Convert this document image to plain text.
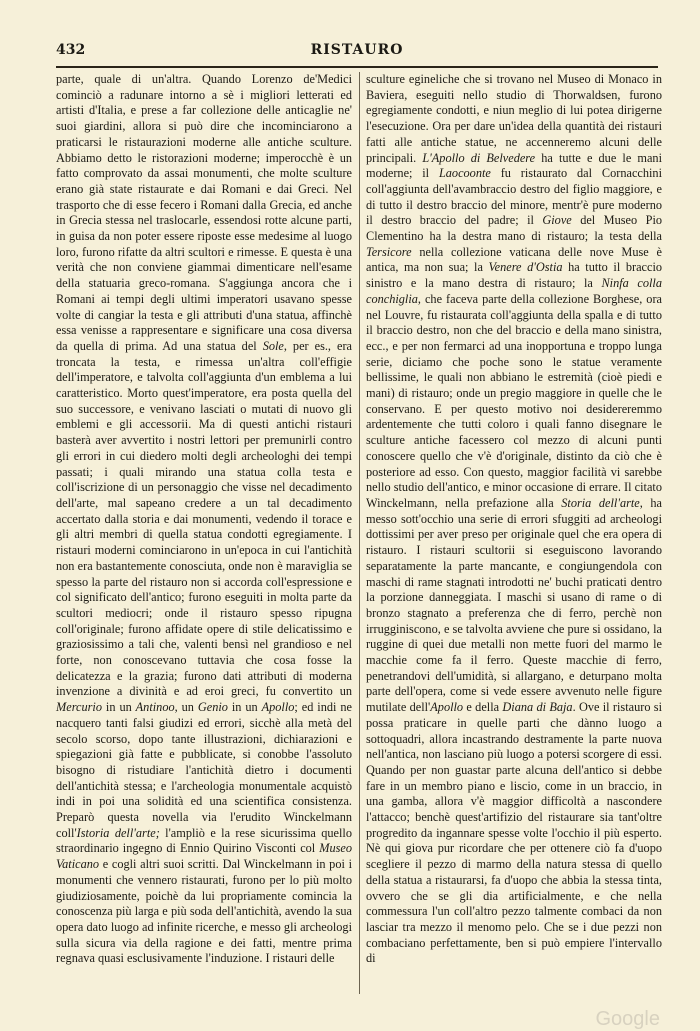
432	RISTAURO
parte, quale di un'altra. Quando Lorenzo de'Medici cominciò a radunare intorno a sè i migliori letterati ed artisti d'Italia, e prese a far collezione delle anticaglie ne' suoi giardini, allora si può dire che incominciarono a praticarsi le ristaurazioni moderne alle antiche sculture. Abbiamo detto le ristorazioni moderne; imperocchè è un fatto comprovato da assai monumenti, che molte sculture erano già state ristaurate e dai Romani e dai Greci. Nel trasporto che di esse fecero i Romani dalla Grecia, ed anche in Grecia stessa nel traslocarle, essendosi rotte alcune parti, in guisa da non poter essere riposte esse medesime al luogo loro, furono rifatte da altri scultori e rimesse. E questa è una verità che non conviene giammai dimenticare nell'esame della statuaria greco-romana. S'aggiunga ancora che i Romani ai tempi degli ultimi imperatori usavano spesse volte di cangiar la testa e gli attributi d'una statua, affinchè essa venisse a rappresentare e significare una cosa diversa da quella di prima. Ad una statua del Sole, per es., era troncata la testa, e rimessa un'altra coll'effigie dell'imperatore, e talvolta coll'aggiunta d'un emblema a lui caratteristico. Morto quest'imperatore, era posta quella del suo successore, e venivano lasciati o mutati di nuovo gli emblemi e gli accessorii. Ma di questi antichi ristauri basterà aver avvertito i nostri lettori per premunirli contro gli errori in cui diedero molti degli archeologhi dei tempi passati; i quali mirando una statua colla testa e coll'iscrizione di un personaggio che visse nel decadimento dell'arte, mal sapeano credere a un tal decadimento accertato dalla storia e dai monumenti, vedendo il torace e gli altri membri di quella statua condotti egregiamente. I ristauri moderni cominciarono in un'epoca in cui l'antichità non era bastantemente conosciuta, onde non è maraviglia se spesso la parte del ristauro non si accorda coll'espressione e col significato dell'antico; furono eseguiti in molta parte da scultori mediocri; onde il ristauro spesso ripugna coll'originale; furono affidate opere di stile delicatissimo e graziosissimo a tali che, valenti bensì nel grandioso e nel forte, non conoscevano tuttavia che cosa fosse la delicatezza e la grazia; furono dati attributi di moderna invenzione a divinità e ad eroi greci, fu convertito un Mercurio in un Antinoo, un Genio in un Apollo; ed indi ne nacquero tanti falsi giudizi ed errori, sicchè alla metà del secolo scorso, dopo tante illustrazioni, dichiarazioni e spiegazioni già fatte e pubblicate, si conobbe l'assoluto bisogno di ristudiare l'antichità dietro i documenti dell'antichità stessa; e l'archeologia monumentale acquistò indi in poi una solidità ed una scientifica consistenza. Preparò questa novella via l'erudito Winckelmann coll'Istoria dell'arte; l'ampliò e la rese sicurissima quello straordinario ingegno di Ennio Quirino Visconti col Museo Vaticano e cogli altri suoi scritti. Dal Winckelmann in poi i monumenti che vennero ristaurati, furono per lo più molto giudiziosamente, poichè da lui propriamente comincia la conoscenza più larga e più soda dell'antichità, avendo la sua opera dato luogo ad infinite ricerche, e messo gli archeologi sulla sicura via della ragione e dei fatti, mentre prima regnava quasi esclusivamente l'induzione. I ristauri delle
sculture egineliche che si trovano nel Museo di Monaco in Baviera, eseguiti nello studio di Thorwaldsen, furono egregiamente condotti, e niun meglio di lui potea dirigerne l'esecuzione. Ora per dare un'idea della quantità dei ristauri fatti alle antiche statue, ne accenneremo alcuni delle principali. L'Apollo di Belvedere ha tutte e due le mani moderne; il Laocoonte fu ristaurato dal Cornacchini coll'aggiunta dell'avambraccio destro del figlio maggiore, e di tutto il destro braccio del minore, mentr'è pure moderno il destro braccio del padre; il Giove del Museo Pio Clementino ha la destra mano di ristauro; la testa della Tersicore nella collezione vaticana delle nove Muse è antica, ma non sua; la Venere d'Ostia ha tutto il braccio sinistro e la mano destra di ristauro; la Ninfa colla conchiglia, che faceva parte della collezione Borghese, ora nel Louvre, fu ristaurata coll'aggiunta della spalla e di tutto il braccio destro, non che del braccio e della mano sinistra, ecc., e per non fermarci ad una inopportuna e troppo lunga serie, diciamo che poche sono le statue veramente bellissime, le quali non abbiano le estremità (cioè piedi e mani) di ristauro; onde un pregio maggiore in quelle che le conservano. E per questo motivo noi desidereremmo ardentemente che tutti coloro i quali fanno disegnare le sculture antiche facessero col mezzo di alcuni punti conoscere quello che v'è d'originale, distinto da ciò che è posteriore ad esso. Con questo, maggior facilità vi sarebbe nello studio dell'antico, e minor occasione di errare. Il citato Winckelmann, nella prefazione alla Storia dell'arte, ha messo sott'occhio una serie di errori sfuggiti ad archeologi dottissimi per aver preso per originale quel che era opera di ristauro. I ristauri scultorii si eseguiscono lavorando separatamente la parte mancante, e congiungendola con maschi di rame stagnati introdotti ne' buchi praticati dentro la porzione danneggiata. I maschi si usano di rame o di bronzo stagnato a preferenza che di ferro, perchè non irrugginiscono, e se talvolta avviene che pure si ossidano, la ruggine di quei due metalli non mette fuori del marmo le macchie come fa il ferro. Queste macchie di ferro, penetrandovi dell'umidità, si allargano, e deturpano molta parte dell'opera, come si vede essere avvenuto nelle figure mutilate dell'Apollo e della Diana di Baja. Ove il ristauro si possa praticare in quelle parti che dànno luogo a sottoquadri, allora incastrando destramente la parte nuova nell'antica, non lasciano più luogo a potersi scorgere di essi. Quando per non guastar parte alcuna dell'antico si debbe fare in un membro piano e liscio, come in un braccio, in una gamba, allora v'è maggior difficoltà a nascondere l'attacco; benchè quest'artifizio del ristaurare sia tant'oltre progredito da ingannare spesse volte l'occhio il più esperto. Nè qui giova pur ricordare che per ottenere ciò fa d'uopo scegliere il pezzo di marmo della natura stessa di quello della statua a ristaurarsi, fa d'uopo che abbia la stessa tinta, ovvero che se gli dia artificialmente, e che nella commessura l'un coll'altro pezzo talmente combaci da non lasciar tra mezzo il menomo pelo. Che se i due pezzi non combaciano perfettamente, ben si può empiere l'intervallo di
Google
